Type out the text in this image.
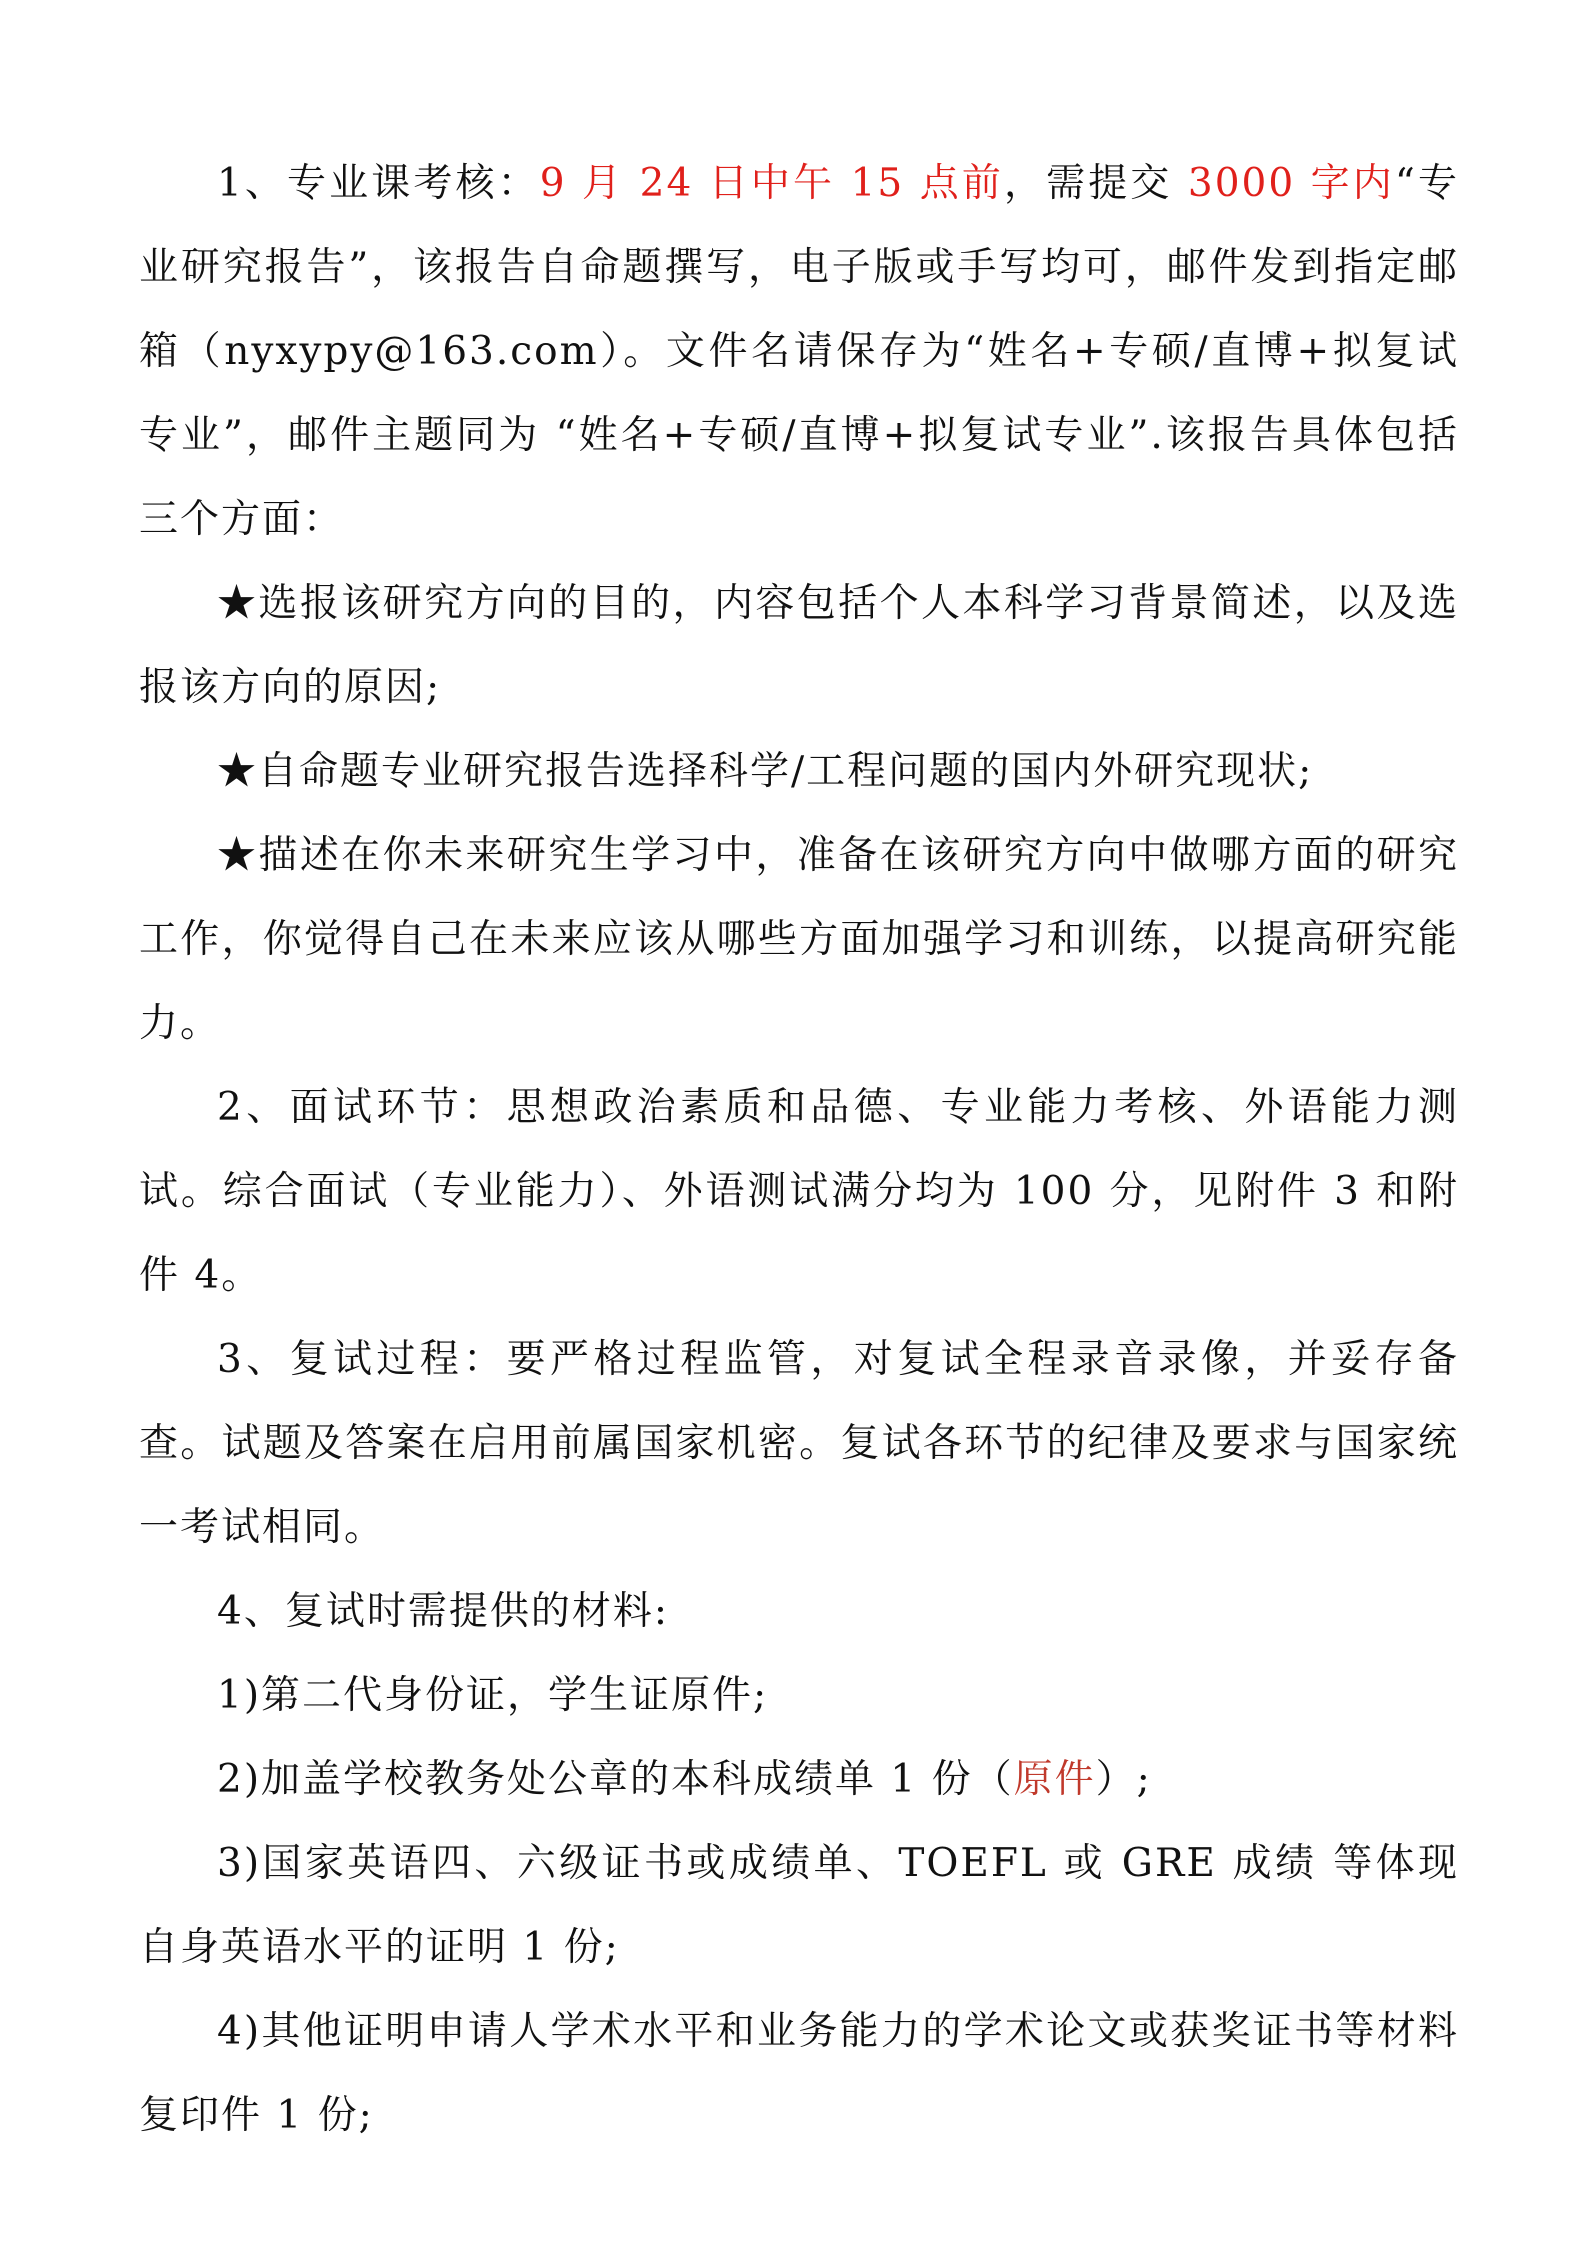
1、专业课考核：9 月 24 日中午 15 点前，需提交 3000 字内“专业研究报告”，该报告自命题撰写，电子版或手写均可，邮件发到指定邮箱（nyxypy@163.com）。文件名请保存为“姓名+专硕/直博+拟复试专业”，邮件主题同为 “姓名+专硕/直博+拟复试专业”.该报告具体包括三个方面：

★选报该研究方向的目的，内容包括个人本科学习背景简述，以及选报该方向的原因;

★自命题专业研究报告选择科学/工程问题的国内外研究现状;

★描述在你未来研究生学习中，准备在该研究方向中做哪方面的研究工作，你觉得自己在未来应该从哪些方面加强学习和训练，以提高研究能力。

2、面试环节：思想政治素质和品德、专业能力考核、外语能力测试。综合面试（专业能力）、外语测试满分均为 100 分，见附件 3 和附件 4。

3、复试过程：要严格过程监管，对复试全程录音录像，并妥存备查。试题及答案在启用前属国家机密。复试各环节的纪律及要求与国家统一考试相同。

4、复试时需提供的材料:

1)第二代身份证，学生证原件;

2)加盖学校教务处公章的本科成绩单 1 份（原件）;

3)国家英语四、六级证书或成绩单、TOEFL 或 GRE 成绩 等体现自身英语水平的证明 1 份;

4)其他证明申请人学术水平和业务能力的学术论文或获奖证书等材料复印件 1 份;
